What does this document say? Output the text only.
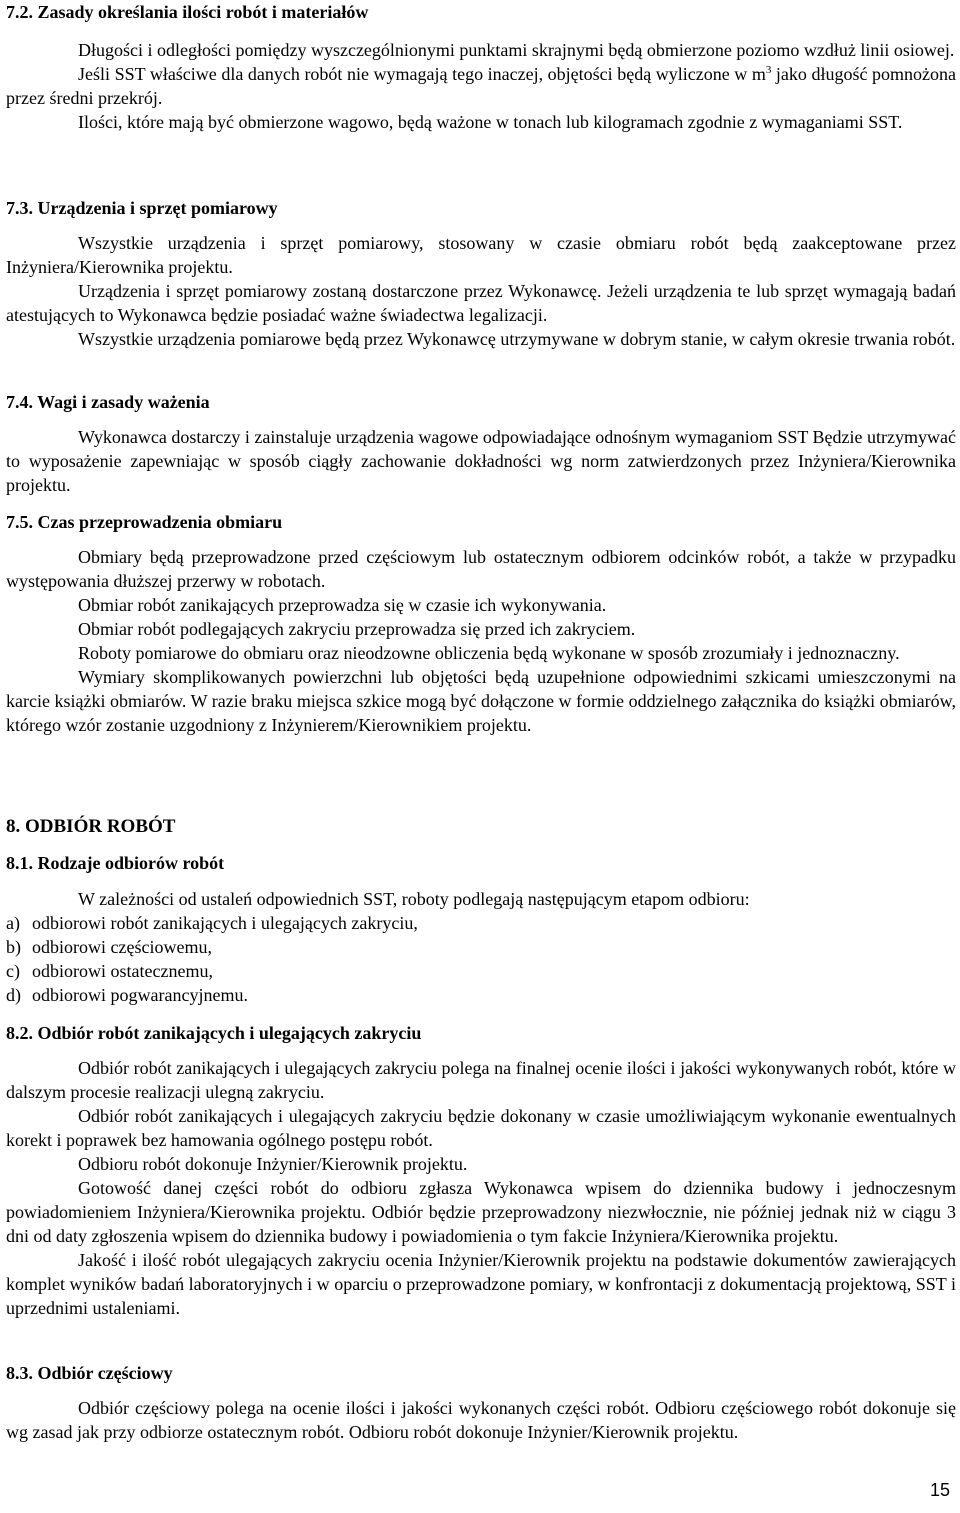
7.2. Zasady określania ilości robót i materiałów

Długości i odległości pomiędzy wyszczególnionymi punktami skrajnymi będą obmierzone poziomo wzdłuż linii osiowej.

Jeśli SST właściwe dla danych robót nie wymagają tego inaczej, objętości będą wyliczone w $m^3$ jako długość pomnożona przez średni przekrój.

Ilości, które mają być obmierzone wagowo, będą ważone w tonach lub kilogramach zgodnie z wymaganiami SST.

7.3. Urządzenia i sprzęt pomiarowy

Wszystkie urządzenia i sprzęt pomiarowy, stosowany w czasie obmiaru robót będą zaakceptowane przez Inżyniera/Kierownika projektu.

Urządzenia i sprzęt pomiarowy zostaną dostarczone przez Wykonawcę. Jeżeli urządzenia te lub sprzęt wymagają badań atestujących to Wykonawca będzie posiadać ważne świadectwa legalizacji.

Wszystkie urządzenia pomiarowe będą przez Wykonawcę utrzymywane w dobrym stanie, w całym okresie trwania robót.

7.4. Wagi i zasady ważenia

Wykonawca dostarczy i zainstaluje urządzenia wagowe odpowiadające odnośnym wymaganiom SST Będzie utrzymywać to wyposażenie zapewniając w sposób ciągły zachowanie dokładności wg norm zatwierdzonych przez Inżyniera/Kierownika projektu.

7.5. Czas przeprowadzenia obmiaru

Obmiary będą przeprowadzone przed częściowym lub ostatecznym odbiorem odcinków robót, a także w przypadku występowania dłuższej przerwy w robotach.

Obmiar robót zanikających przeprowadza się w czasie ich wykonywania.

Obmiar robót podlegających zakryciu przeprowadza się przed ich zakryciem.

Roboty pomiarowe do obmiaru oraz nieodzowne obliczenia będą wykonane w sposób zrozumiały i jednoznaczny.

Wymiary skomplikowanych powierzchni lub objętości będą uzupełnione odpowiednimi szkicami umieszczonymi na karcie książki obmiarów. W razie braku miejsca szkice mogą być dołączone w formie oddzielnego załącznika do książki obmiarów, którego wzór zostanie uzgodniony z Inżynierem/Kierownikiem projektu.

8. ODBIÓR ROBÓT

8.1. Rodzaje odbiorów robót

W zależności od ustaleń odpowiednich SST, roboty podlegają następującym etapom odbioru:

a) odbiorowi robót zanikających i ulegających zakryciu,

b) odbiorowi częściowemu,

c) odbiorowi ostatecznemu,

d) odbiorowi pogwarancyjnemu.

8.2. Odbiór robót zanikających i ulegających zakryciu

Odbiór robót zanikających i ulegających zakryciu polega na finalnej ocenie ilości i jakości wykonywanych robót, które w dalszym procesie realizacji ulegną zakryciu.

Odbiór robót zanikających i ulegających zakryciu będzie dokonany w czasie umożliwiającym wykonanie ewentualnych korekt i poprawek bez hamowania ogólnego postępu robót.

Odbioru robót dokonuje Inżynier/Kierownik projektu.

Gotowość danej części robót do odbioru zgłasza Wykonawca wpisem do dziennika budowy i jednoczesnym powiadomieniem Inżyniera/Kierownika projektu. Odbiór będzie przeprowadzony niezwłocznie, nie później jednak niż w ciągu 3 dni od daty zgłoszenia wpisem do dziennika budowy i powiadomienia o tym fakcie Inżyniera/Kierownika projektu.

Jakość i ilość robót ulegających zakryciu ocenia Inżynier/Kierownik projektu na podstawie dokumentów zawierających komplet wyników badań laboratoryjnych i w oparciu o przeprowadzone pomiary, w konfrontacji z dokumentacją projektową, SST i uprzednimi ustaleniami.

8.3. Odbiór częściowy

Odbiór częściowy polega na ocenie ilości i jakości wykonanych części robót. Odbioru częściowego robót dokonuje się wg zasad jak przy odbiorze ostatecznym robót. Odbioru robót dokonuje Inżynier/Kierownik projektu.

15
